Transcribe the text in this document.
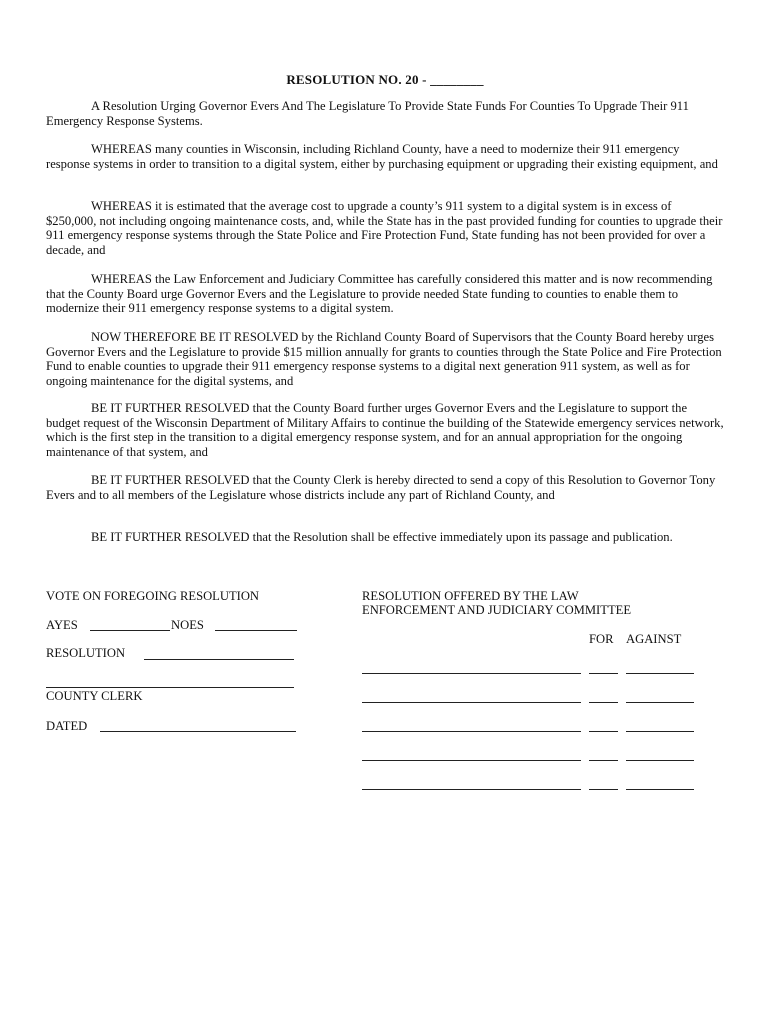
RESOLUTION NO. 20 - ________
A Resolution Urging Governor Evers And The Legislature To Provide State Funds For Counties To Upgrade Their 911 Emergency Response Systems.
WHEREAS many counties in Wisconsin, including Richland County, have a need to modernize their 911 emergency response systems in order to transition to a digital system, either by purchasing equipment or upgrading their existing equipment, and
WHEREAS it is estimated that the average cost to upgrade a county’s 911 system to a digital system is in excess of $250,000, not including ongoing maintenance costs, and, while the State has in the past provided funding for counties to upgrade their 911 emergency response systems through the State Police and Fire Protection Fund, State funding has not been provided for over a decade, and
WHEREAS the Law Enforcement and Judiciary Committee has carefully considered this matter and is now recommending that the County Board urge Governor Evers and the Legislature to provide needed State funding to counties to enable them to modernize their 911 emergency response systems to a digital system.
NOW THEREFORE BE IT RESOLVED by the Richland County Board of Supervisors that the County Board hereby urges Governor Evers and the Legislature to provide $15 million annually for grants to counties through the State Police and Fire Protection Fund to enable counties to upgrade their 911 emergency response systems to a digital next generation 911 system, as well as for ongoing maintenance for the digital systems, and
BE IT FURTHER RESOLVED that the County Board further urges Governor Evers and the Legislature to support the budget request of the Wisconsin Department of Military Affairs to continue the building of the Statewide emergency services network, which is the first step in the transition to a digital emergency response system, and for an annual appropriation for the ongoing maintenance of that system, and
BE IT FURTHER RESOLVED that the County Clerk is hereby directed to send a copy of this Resolution to Governor Tony Evers and to all members of the Legislature whose districts include any part of Richland County, and
BE IT FURTHER RESOLVED that the Resolution shall be effective immediately upon its passage and publication.
VOTE ON FOREGOING RESOLUTION
AYES	NOES
RESOLUTION
COUNTY CLERK
DATED
RESOLUTION OFFERED BY THE LAW
ENFORCEMENT AND JUDICIARY COMMITTEE
FOR AGAINST
